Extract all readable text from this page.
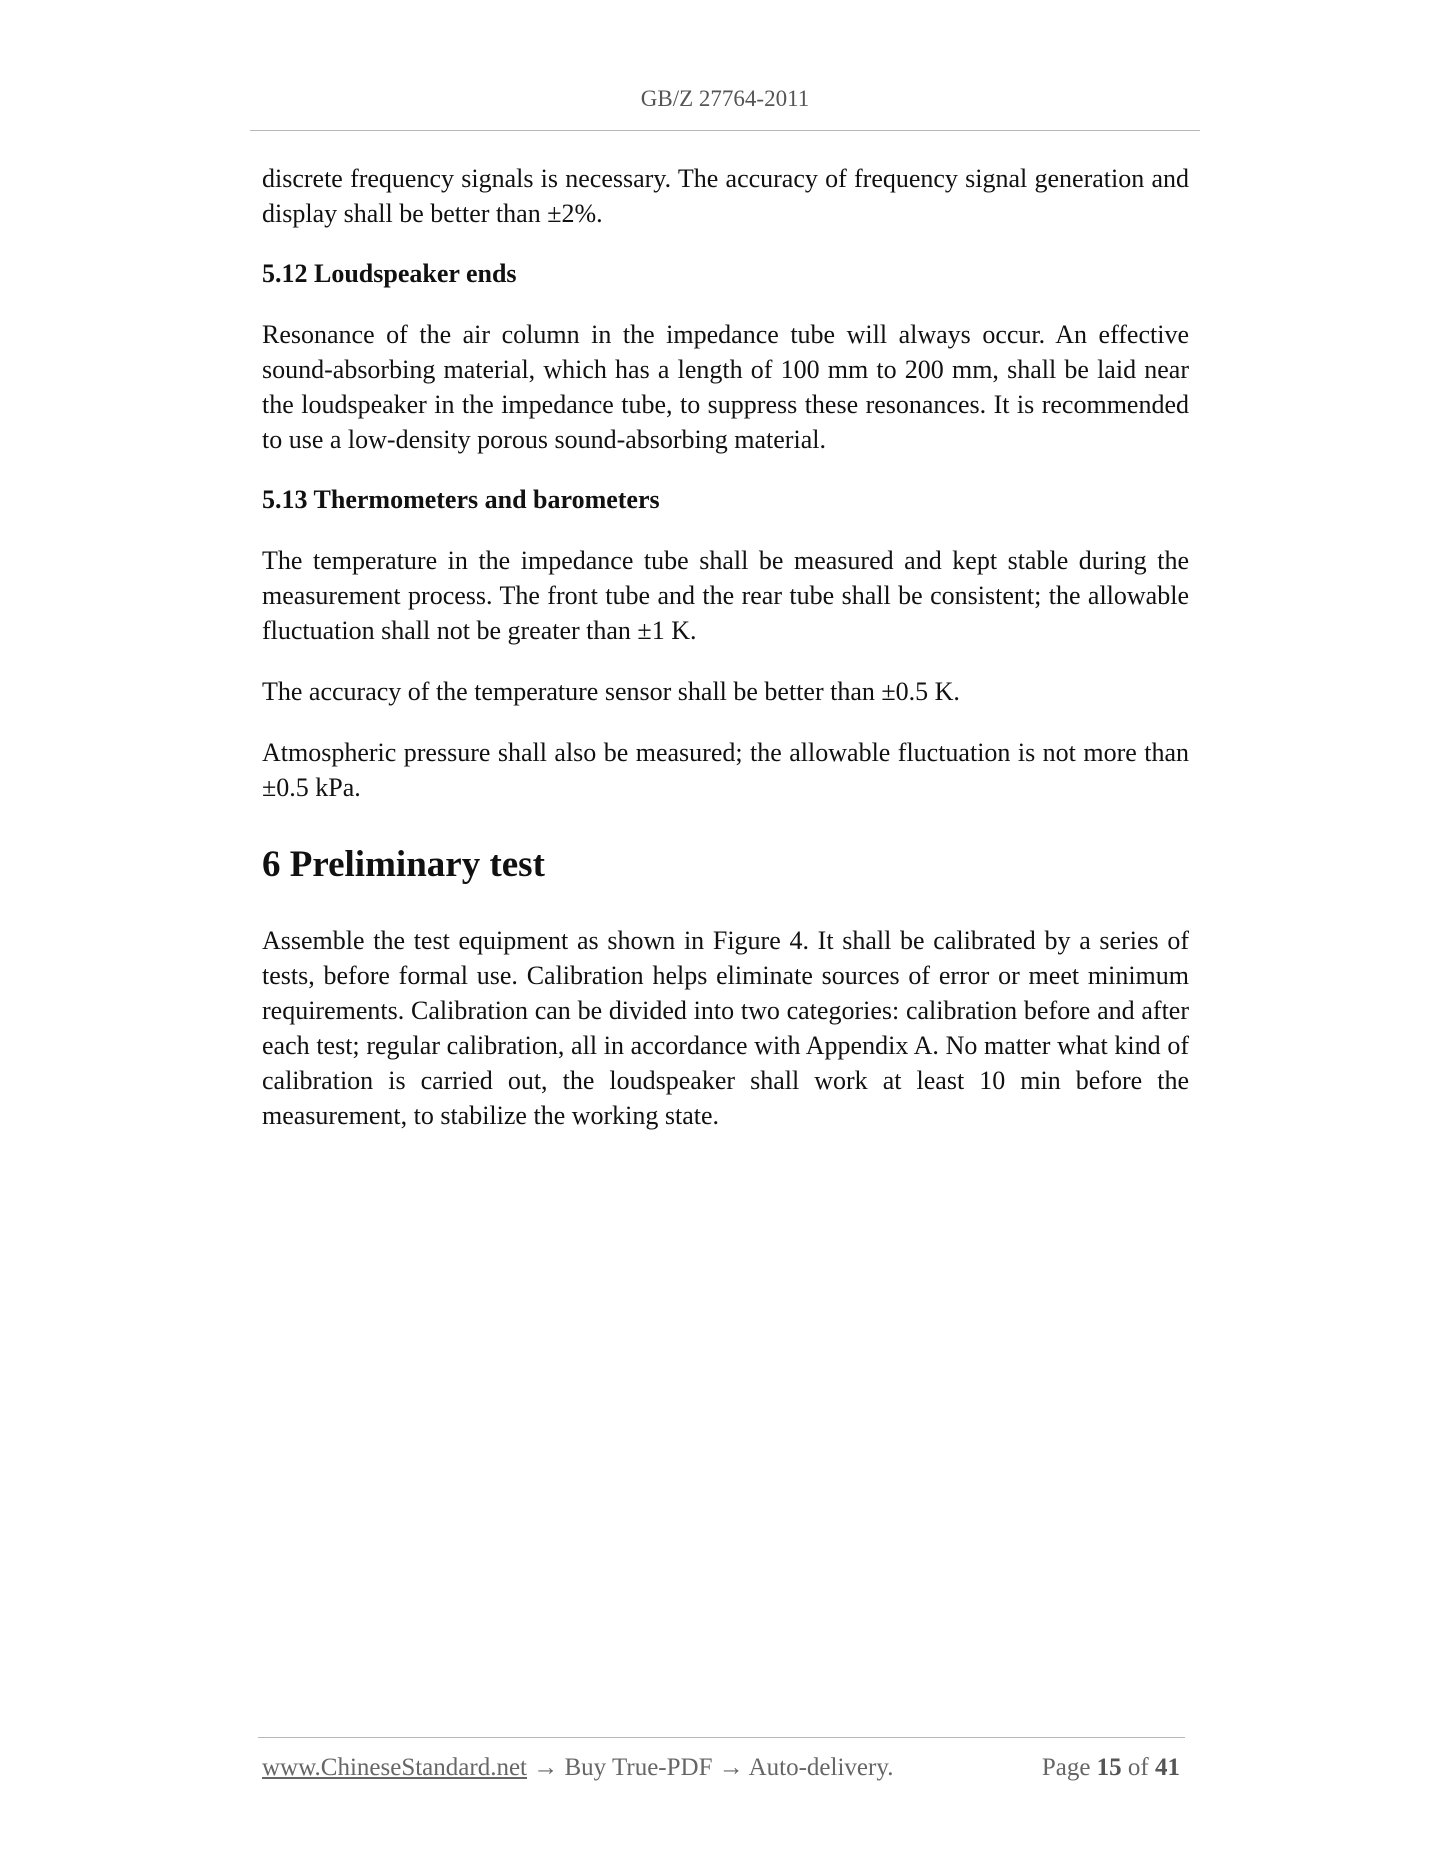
GB/Z 27764-2011

discrete frequency signals is necessary. The accuracy of frequency signal generation and display shall be better than ±2%.

5.12 Loudspeaker ends

Resonance of the air column in the impedance tube will always occur. An effective sound-absorbing material, which has a length of 100 mm to 200 mm, shall be laid near the loudspeaker in the impedance tube, to suppress these resonances. It is recommended to use a low-density porous sound-absorbing material.

5.13 Thermometers and barometers

The temperature in the impedance tube shall be measured and kept stable during the measurement process. The front tube and the rear tube shall be consistent; the allowable fluctuation shall not be greater than ±1 K.

The accuracy of the temperature sensor shall be better than ±0.5 K.

Atmospheric pressure shall also be measured; the allowable fluctuation is not more than ±0.5 kPa.

6 Preliminary test

Assemble the test equipment as shown in Figure 4. It shall be calibrated by a series of tests, before formal use. Calibration helps eliminate sources of error or meet minimum requirements. Calibration can be divided into two categories: calibration before and after each test; regular calibration, all in accordance with Appendix A. No matter what kind of calibration is carried out, the loudspeaker shall work at least 10 min before the measurement, to stabilize the working state.

www.ChineseStandard.net → Buy True-PDF → Auto-delivery.	Page 15 of 41
